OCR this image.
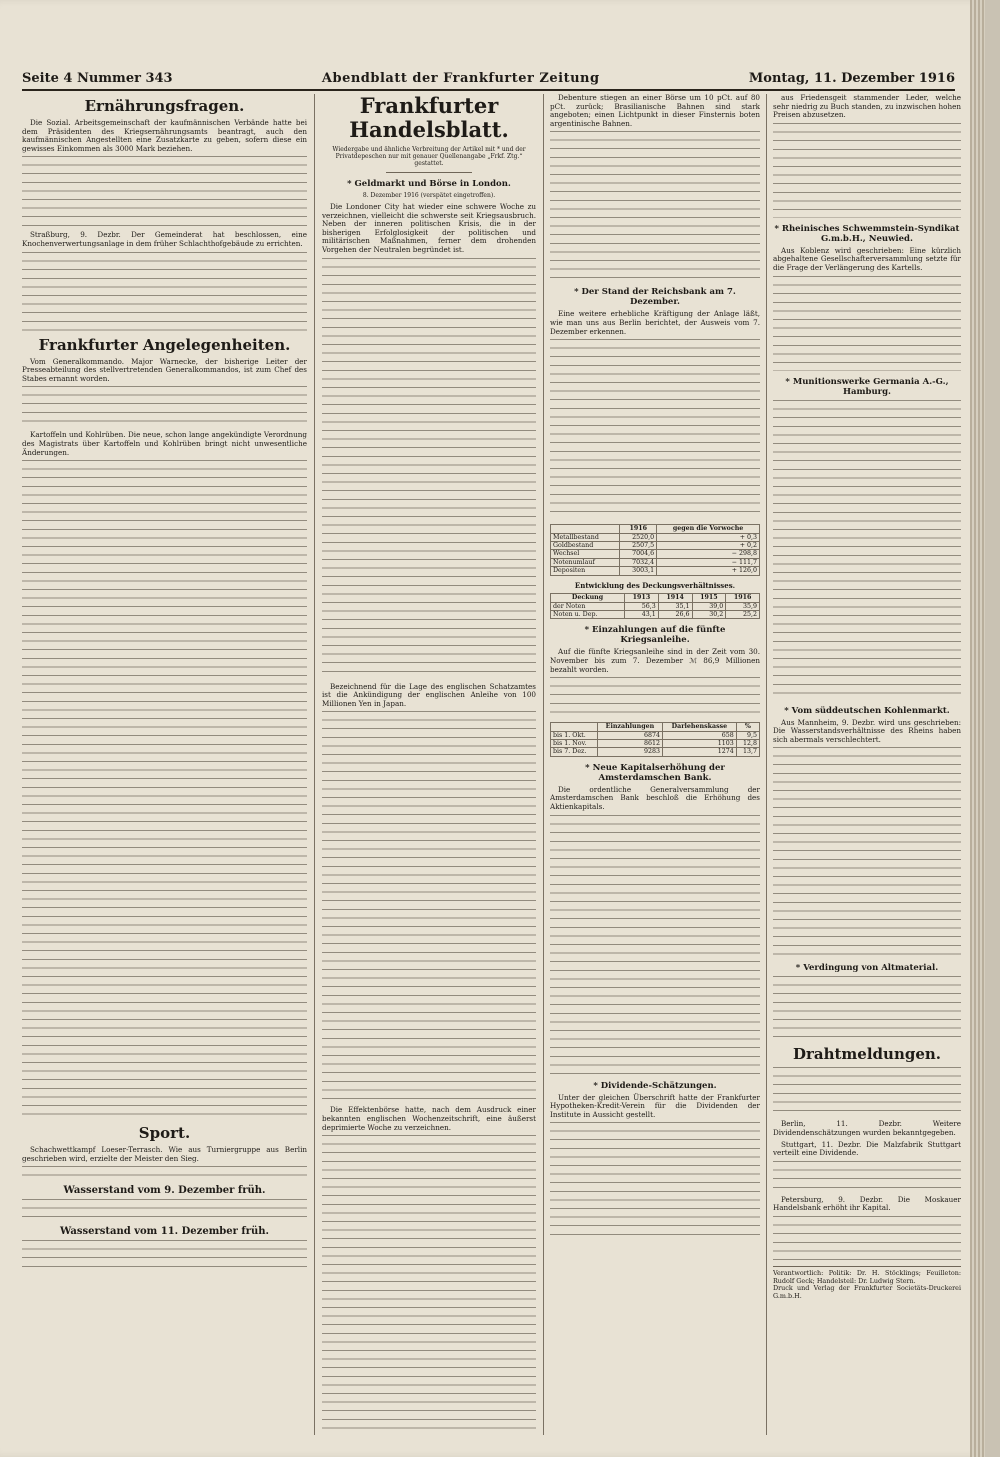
Seite 4 Nummer 343	Abendblatt der Frankfurter Zeitung	Montag, 11. Dezember 1916
Ernährungsfragen.

Die Sozial. Arbeitsgemeinschaft der kaufmännischen Verbände hatte bei dem Präsidenten des Kriegsernährungsamts beantragt, auch den kaufmännischen Angestellten eine Zusatzkarte zu geben, sofern diese ein gewisses Einkommen als 3000 Mark beziehen.

Straßburg, 9. Dezbr. Der Gemeinderat hat beschlossen, eine Knochenverwertungsanlage in dem früher Schlachthofgebäude zu errichten.

Frankfurter Angelegenheiten.

Vom Generalkommando. Major Warnecke, der bisherige Leiter der Presseabteilung des stellvertretenden Generalkommandos, ist zum Chef des Stabes ernannt worden.

Kartoffeln und Kohlrüben. Die neue, schon lange angekündigte Verordnung des Magistrats über Kartoffeln und Kohlrüben bringt nicht unwesentliche Änderungen.

Sport.

Schachwettkampf Loeser-Terrasch. Wie aus Turniergruppe aus Berlin geschrieben wird, erzielte der Meister den Sieg.

Wasserstand vom 9. Dezember früh.
Wasserstand vom 11. Dezember früh.
Frankfurter Handelsblatt.
Wiedergabe und ähnliche Verbreitung der Artikel mit * und der Privatdepeschen nur mit genauer Quellenangabe „Frkf. Ztg.“ gestattet.
* Geldmarkt und Börse in London.
8. Dezember 1916 (verspätet eingetroffen).

Die Londoner City hat wieder eine schwere Woche zu verzeichnen, vielleicht die schwerste seit Kriegsausbruch. Neben der inneren politischen Krisis, die in der bisherigen Erfolglosigkeit der politischen und militärischen Maßnahmen, ferner dem drohenden Vorgehen der Neutralen begründet ist.

Bezeichnend für die Lage des englischen Schatzamtes ist die Ankündigung der englischen Anleihe von 100 Millionen Yen in Japan.

Die Effektenbörse hatte, nach dem Ausdruck einer bekannten englischen Wochenzeitschrift, eine äußerst deprimierte Woche zu verzeichnen.

Debenture stiegen an einer Börse um 10 pCt. auf 80 pCt. zurück; Brasilianische Bahnen sind stark angeboten; einen Lichtpunkt in dieser Finsternis boten argentinische Bahnen.

* Der Stand der Reichsbank am 7. Dezember.

Eine weitere erhebliche Kräftigung der Anlage läßt, wie man uns aus Berlin berichtet, der Ausweis vom 7. Dezember erkennen.

	1916	gegen die Vorwoche
Metallbestand	2520,0	+ 0,3
Goldbestand	2507,5	+ 0,2
Wechsel	7004,6	− 298,8
Notenumlauf	7032,4	− 111,7
Depositen	3003,1	+ 126,0
Entwicklung des Deckungsverhältnisses.
Deckung	1913	1914	1915	1916
der Noten	56,3	35,1	39,0	35,9
Noten u. Dep.	43,1	26,6	30,2	25,2
* Einzahlungen auf die fünfte Kriegsanleihe.

Auf die fünfte Kriegsanleihe sind in der Zeit vom 30. November bis zum 7. Dezember ℳ 86,9 Millionen bezahlt worden.

	Einzahlungen	Darlehenskasse	%
bis 1. Okt.	6874	658	9,5
bis 1. Nov.	8612	1103	12,8
bis 7. Dez.	9283	1274	13,7
* Neue Kapitalserhöhung der Amsterdamschen Bank.

Die ordentliche Generalversammlung der Amsterdamschen Bank beschloß die Erhöhung des Aktienkapitals.

* Dividende-Schätzungen.

Unter der gleichen Überschrift hatte der Frankfurter Hypotheken-Kredit-Verein für die Dividenden der Institute in Aussicht gestellt.

aus Friedensgeit stammender Leder, welche sehr niedrig zu Buch standen, zu inzwischen hohen Preisen abzusetzen.

* Rheinisches Schwemmstein-Syndikat G.m.b.H., Neuwied.

Aus Koblenz wird geschrieben: Eine kürzlich abgehaltene Gesellschafterversammlung setzte für die Frage der Verlängerung des Kartells.

* Munitionswerke Germania A.-G., Hamburg.
* Vom süddeutschen Kohlenmarkt.

Aus Mannheim, 9. Dezbr. wird uns geschrieben: Die Wasserstandsverhältnisse des Rheins haben sich abermals verschlechtert.

* Verdingung von Altmaterial.
Drahtmeldungen.

Berlin, 11. Dezbr. Weitere Dividendenschätzungen wurden bekanntgegeben.

Stuttgart, 11. Dezbr. Die Malzfabrik Stuttgart verteilt eine Dividende.

Petersburg, 9. Dezbr. Die Moskauer Handelsbank erhöht ihr Kapital.

Verantwortlich: Politik: Dr. H. Stöcklings; Feuilleton: Rudolf Geck; Handelsteil: Dr. Ludwig Stern.
Druck und Verlag der Frankfurter Societäts-Druckerei G.m.b.H.
